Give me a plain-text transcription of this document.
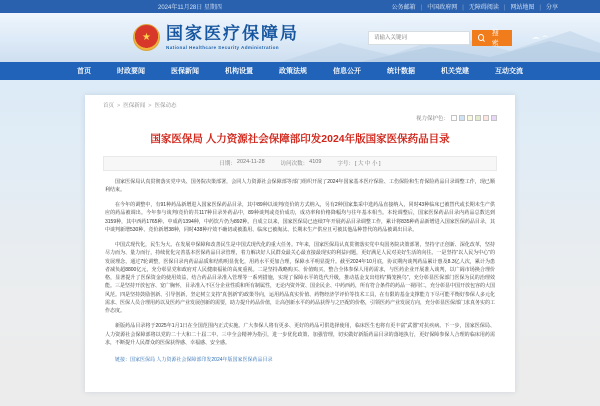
2024年11月28日 星期四	公务邮箱	| 中国政府网	| 无障碍阅读	| 网站地图	| 分享
★ 国家医疗保障局
National Healthcare Security Administration
请输入关键词
搜 索
首页	时政要闻	医保新闻	机构设置	政策法规	信息公开	统计数据	机关党建	互动交流
首页	> 医保新闻	> 医保动态
视力保护色：
国家医保局 人力资源社会保障部印发2024年版国家医保药品目录
日期： 2024-11-28	访问次数： 4109	字号： [ 大 中 小 ]

国家医保局认真贯彻落实党中央、国务院决策部署，会同人力资源社会保障部等部门组织开展了2024年国家基本医疗保险、工伤保险和生育保险药品目录调整工作，现已顺利结束。

在今年的调整中，有91种药品新增进入国家医保药品目录，其中89种以谈判/竞价的方式纳入，另有2种国家集采中选药品直接纳入，同时43种临床已被替代或长期未生产供应的药品被调出。今年参与谈判/竞价的共117种目录外药品中，89种谈判或竞价成功，成功率和价格降幅均与往年基本相当。本轮调整后，国家医保药品目录内药品总数达到3159种，其中西药1765种、中成药1394种，中药饮片仍为892种。自成立以来，国家医保局已连续7年开展药品目录调整工作，累计将835种药品新增进入国家医保药品目录，其中谈判新增530种、竞价新增38种，同时438种疗效不确切或被滥用、临床已被淘汰、长期未生产供应且可被其他品种替代的药品被调出目录。

中国式现代化，民生为大。在发展中保障和改善民生是中国式现代化的重大任务。7年来，国家医保局认真贯彻落实党中央国务院决策部署，坚持守正创新、深化改革，坚持尽力而为、量力而行，持续优化完善基本医保药品目录管理，着力解决好人民群众最关心最直接最现实的利益问题，更好满足人民对美好生活的向往。一是坚持“以人民为中心”的发展理念，通过7轮调整，医保目录内药品品质和结构明显优化，用药水平更加合理，保障水平明显提升。截至2024年10月底，协议期内谈判药品累计惠及8.3亿人次，累计为患者减负超8800亿元，充分彰显党和政府对人民健康福祉的高度重视。二是坚持战略购买、价值购买，整合全体参保人用药需求，与医药企业开展准入谈判，以广阔市场换合理价格，显著提升了医保资金的使用效益，结合药品目录准入管理等一系列措施，实现了保障水平的迭代升级，推动基金支出结构“腾笼换鸟”，充分彰显医保部门医保为民的治理效能。三是坚持开放包容、宽广胸怀，目录准入不区分企业性质和所有制属性，无论内资外资、国企民企、中药西药，所有符合条件的药品一视同仁，充分彰显中国开放包容的大国风范。四是坚持鼓励创新、引导创新，坚定树立支持“真创新”的政策导向，运用药品真实价值、药物经济学评价等技术工具，在有限的基金支撑能力下尽可能平衡好参保人多元化需求、医保人员合理用药以及医药产业发展创新的需要，助力提升药品价值，让高创新水平的药品获得与之匹配的价格，引领医药产业发展方向，充分彰显医保部门求真务实的工作态度。

新版药品目录将于2025年1月1日在全国范围内正式实施。广大参保人将有更多、更好的药品可供选择使用，临床医生也将有更丰富“武器”对抗疾病。下一步，国家医保局、人力资源社会保障部将以党的二十大和二十届二中、三中全会精神为指引，进一步优化政策、加强管理，切实做好新版药品目录的落地执行，更好保障参保人合理的临床用药需求，不断提升人民群众的医保获得感、幸福感、安全感。

链接：国家医保局 人力资源社会保障部印发2024年版国家医保药品目录
